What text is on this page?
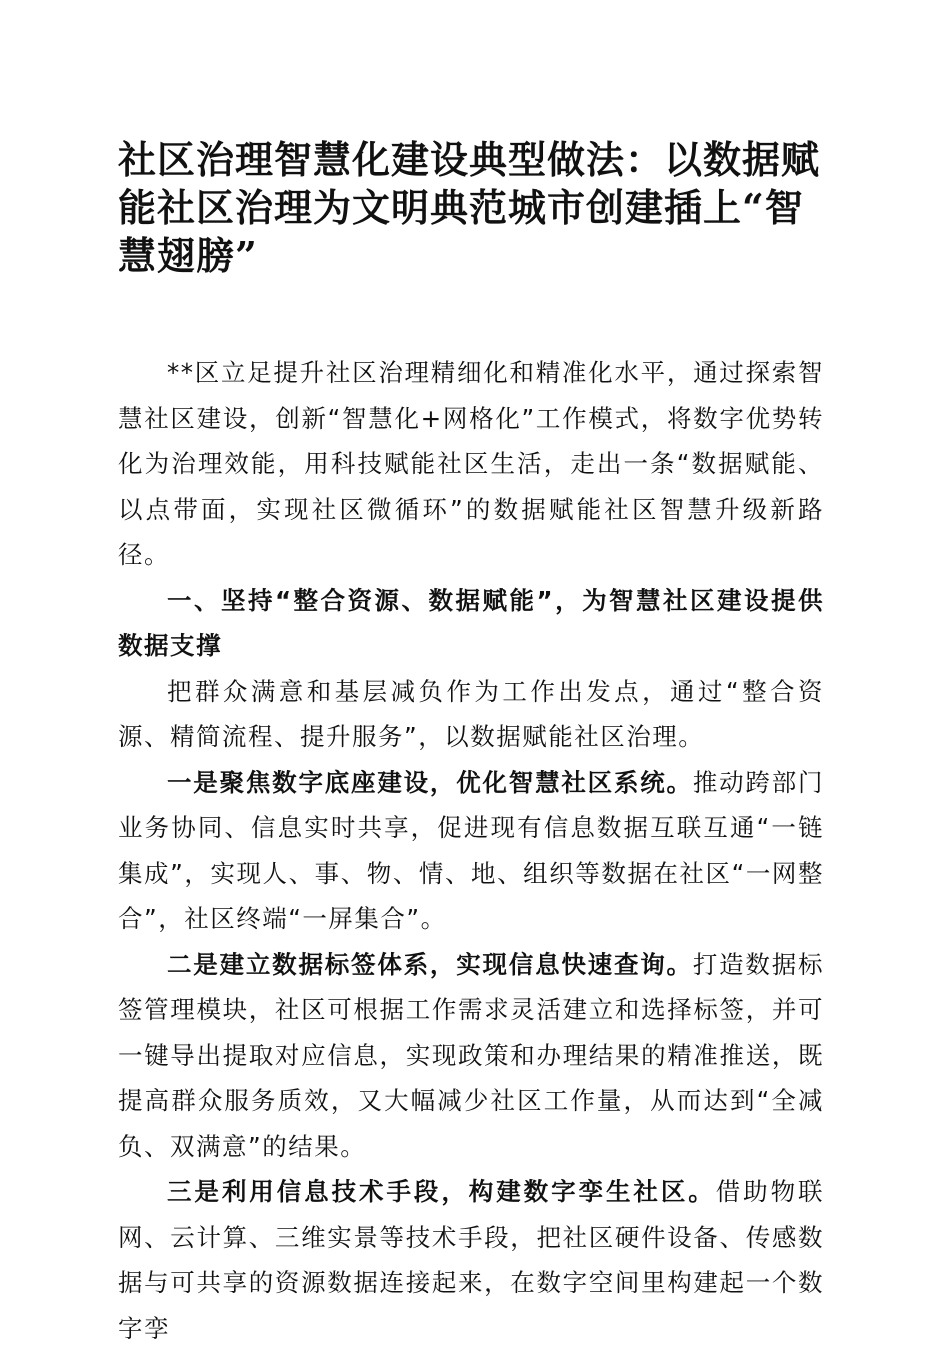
社区治理智慧化建设典型做法：以数据赋能社区治理为文明典范城市创建插上“智慧翅膀”

**区立足提升社区治理精细化和精准化水平，通过探索智慧社区建设，创新“智慧化+网格化”工作模式，将数字优势转化为治理效能，用科技赋能社区生活，走出一条“数据赋能、以点带面，实现社区微循环”的数据赋能社区智慧升级新路径。

一、坚持“整合资源、数据赋能”，为智慧社区建设提供数据支撑

把群众满意和基层减负作为工作出发点，通过“整合资源、精简流程、提升服务”，以数据赋能社区治理。

一是聚焦数字底座建设，优化智慧社区系统。推动跨部门业务协同、信息实时共享，促进现有信息数据互联互通“一链集成”，实现人、事、物、情、地、组织等数据在社区“一网整合”，社区终端“一屏集合”。

二是建立数据标签体系，实现信息快速查询。打造数据标签管理模块，社区可根据工作需求灵活建立和选择标签，并可一键导出提取对应信息，实现政策和办理结果的精准推送，既提高群众服务质效，又大幅减少社区工作量，从而达到“全减负、双满意”的结果。

三是利用信息技术手段，构建数字孪生社区。借助物联网、云计算、三维实景等技术手段，把社区硬件设备、传感数据与可共享的资源数据连接起来，在数字空间里构建起一个数字孪
